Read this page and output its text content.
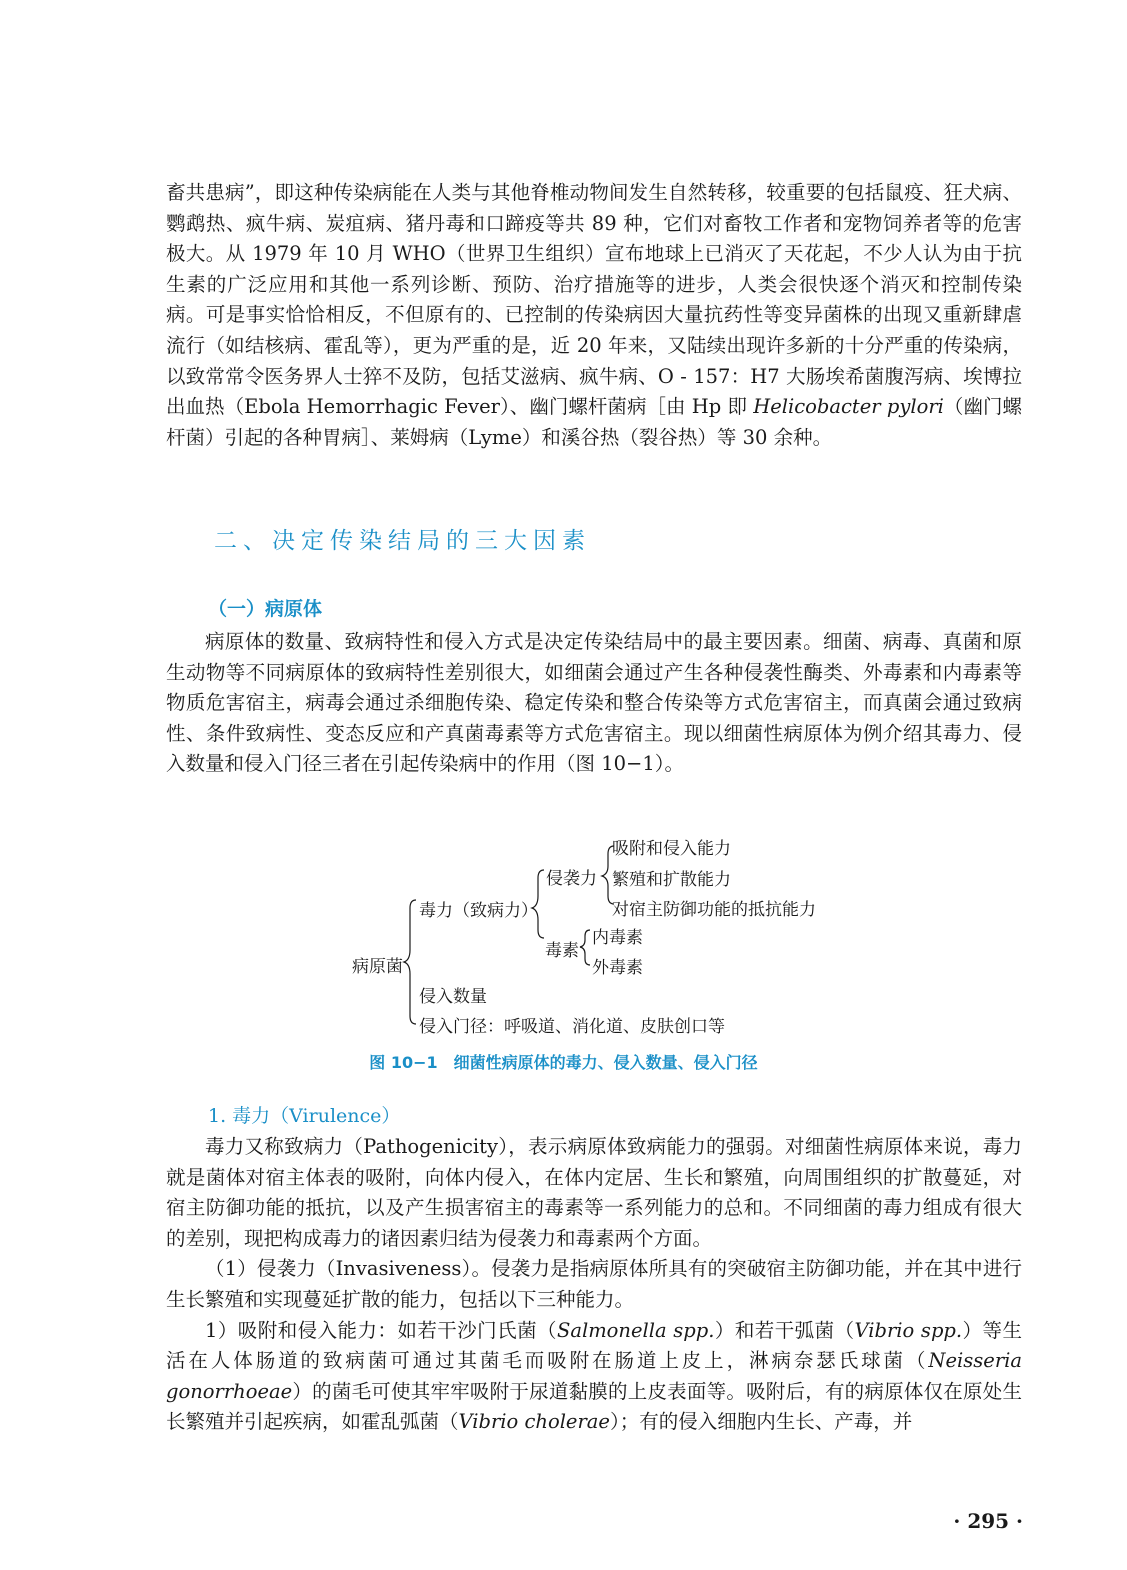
畜共患病”，即这种传染病能在人类与其他脊椎动物间发生自然转移，较重要的包括鼠疫、狂犬病、鹦鹉热、疯牛病、炭疽病、猪丹毒和口蹄疫等共 89 种，它们对畜牧工作者和宠物饲养者等的危害极大。从 1979 年 10 月 WHO（世界卫生组织）宣布地球上已消灭了天花起，不少人认为由于抗生素的广泛应用和其他一系列诊断、预防、治疗措施等的进步，人类会很快逐个消灭和控制传染病。可是事实恰恰相反，不但原有的、已控制的传染病因大量抗药性等变异菌株的出现又重新肆虐流行（如结核病、霍乱等），更为严重的是，近 20 年来，又陆续出现许多新的十分严重的传染病，以致常常令医务界人士猝不及防，包括艾滋病、疯牛病、O - 157：H7 大肠埃希菌腹泻病、埃博拉出血热（Ebola Hemorrhagic Fever）、幽门螺杆菌病［由 Hp 即 Helicobacter pylori（幽门螺杆菌）引起的各种胃病］、莱姆病（Lyme）和溪谷热（裂谷热）等 30 余种。

二、决定传染结局的三大因素
（一）病原体

病原体的数量、致病特性和侵入方式是决定传染结局中的最主要因素。细菌、病毒、真菌和原生动物等不同病原体的致病特性差别很大，如细菌会通过产生各种侵袭性酶类、外毒素和内毒素等物质危害宿主，病毒会通过杀细胞传染、稳定传染和整合传染等方式危害宿主，而真菌会通过致病性、条件致病性、变态反应和产真菌毒素等方式危害宿主。现以细菌性病原体为例介绍其毒力、侵入数量和侵入门径三者在引起传染病中的作用（图 10−1）。

病原菌
毒力（致病力）
侵袭力
吸附和侵入能力
繁殖和扩散能力
对宿主防御功能的抵抗能力
毒素
内毒素
外毒素
侵入数量
侵入门径：呼吸道、消化道、皮肤创口等
图 10−1　细菌性病原体的毒力、侵入数量、侵入门径
1. 毒力（Virulence）

毒力又称致病力（Pathogenicity），表示病原体致病能力的强弱。对细菌性病原体来说，毒力就是菌体对宿主体表的吸附，向体内侵入，在体内定居、生长和繁殖，向周围组织的扩散蔓延，对宿主防御功能的抵抗，以及产生损害宿主的毒素等一系列能力的总和。不同细菌的毒力组成有很大的差别，现把构成毒力的诸因素归结为侵袭力和毒素两个方面。

（1）侵袭力（Invasiveness）。侵袭力是指病原体所具有的突破宿主防御功能，并在其中进行生长繁殖和实现蔓延扩散的能力，包括以下三种能力。

1）吸附和侵入能力：如若干沙门氏菌（Salmonella spp.）和若干弧菌（Vibrio spp.）等生活在人体肠道的致病菌可通过其菌毛而吸附在肠道上皮上，淋病奈瑟氏球菌（Neisseria gonorrhoeae）的菌毛可使其牢牢吸附于尿道黏膜的上皮表面等。吸附后，有的病原体仅在原处生长繁殖并引起疾病，如霍乱弧菌（Vibrio cholerae）；有的侵入细胞内生长、产毒，并

· 295 ·
